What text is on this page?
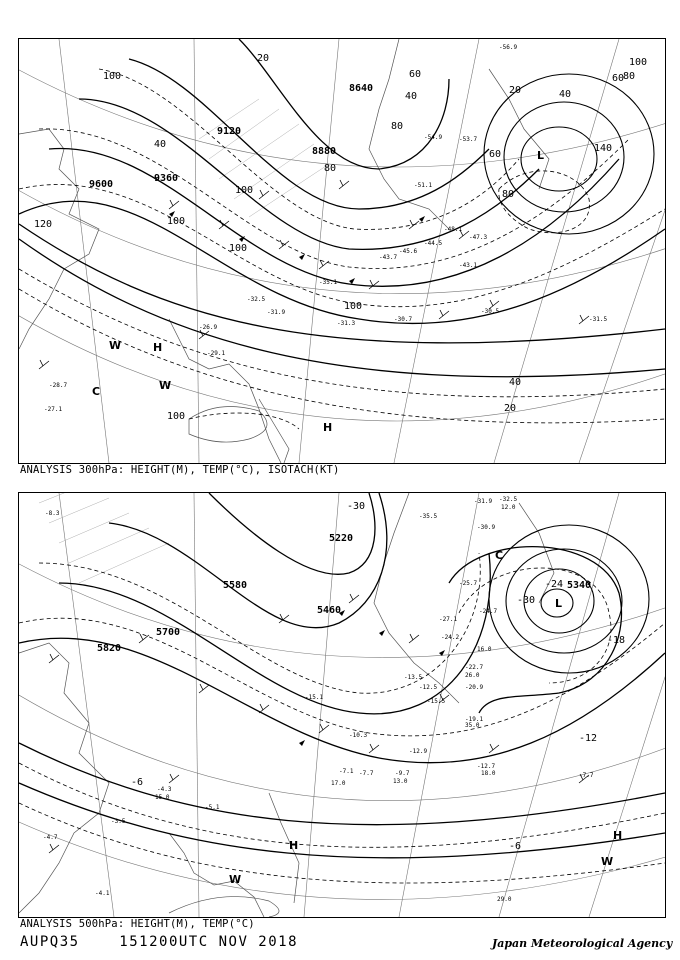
9600
9360
9120
8880
8640
100
100
100
100
80
80
60
60
40
40
20
20	40
60
80
100
120
140
100
40
20
80
100
L
H
H
W
W
C
-56.9
-53.7
-54.9
-51.1
-48.1
-47.3
-45.6
-44.5
-43.7
-43.1
-35.1
-32.5
-31.9
-31.3
-30.7
-28.7
-29.1
-26.9
-27.1
-31.5
-30.5
ANALYSIS 300hPa: HEIGHT(M), TEMP(°C), ISOTACH(KT)
5820
5700
5580
5460
5340
5220
-30
-24
-18
-12
-6
-30
-6
L
C
H
H
W
W
-31.9 -32.5
-35.5
-30.9
-24.7
-25.7
-27.1
-24.2
-22.7
-20.9
-19.1
-12.9
-12.7
-9.7	-7.7
-8.3
-4.3
-3.5
-4.7
-5.1
-4.1
-15.5
-10.3
-7.1 -7.7
-12.5
-13.5
-15.1
16.0
35.0
26.0
18.0
17.0
29.0
15.0
13.0
12.0
ANALYSIS 500hPa: HEIGHT(M), TEMP(°C)
AUPQ35	151200UTC NOV 2018	Japan Meteorological Agency
